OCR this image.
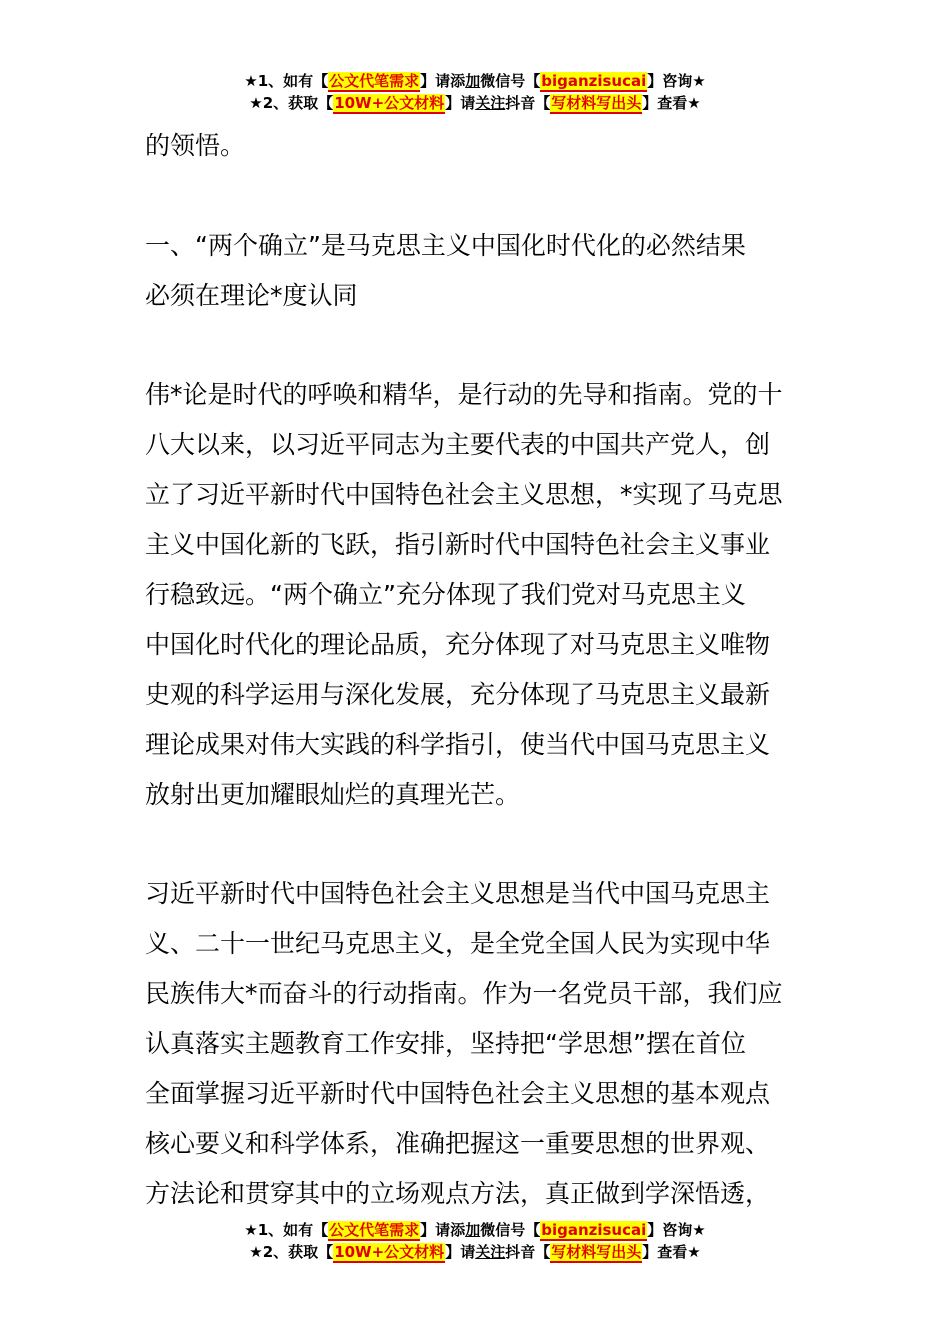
★1、如有【公文代笔需求】请添加微信号【biganzisucai】咨询★
★2、获取【10W+公文材料】请关注抖音【写材料写出头】查看★

的领悟。

一、“两个确立”是马克思主义中国化时代化的必然结果

必须在理论*度认同

伟*论是时代的呼唤和精华，是行动的先导和指南。党的十

八大以来，以习近平同志为主要代表的中国共产党人，创

立了习近平新时代中国特色社会主义思想，*实现了马克思

主义中国化新的飞跃，指引新时代中国特色社会主义事业

行稳致远。“两个确立”充分体现了我们党对马克思主义

中国化时代化的理论品质，充分体现了对马克思主义唯物

史观的科学运用与深化发展，充分体现了马克思主义最新

理论成果对伟大实践的科学指引，使当代中国马克思主义

放射出更加耀眼灿烂的真理光芒。

习近平新时代中国特色社会主义思想是当代中国马克思主

义、二十一世纪马克思主义，是全党全国人民为实现中华

民族伟大*而奋斗的行动指南。作为一名党员干部，我们应

认真落实主题教育工作安排，坚持把“学思想”摆在首位

全面掌握习近平新时代中国特色社会主义思想的基本观点

核心要义和科学体系，准确把握这一重要思想的世界观、

方法论和贯穿其中的立场观点方法，真正做到学深悟透，

★1、如有【公文代笔需求】请添加微信号【biganzisucai】咨询★
★2、获取【10W+公文材料】请关注抖音【写材料写出头】查看★
